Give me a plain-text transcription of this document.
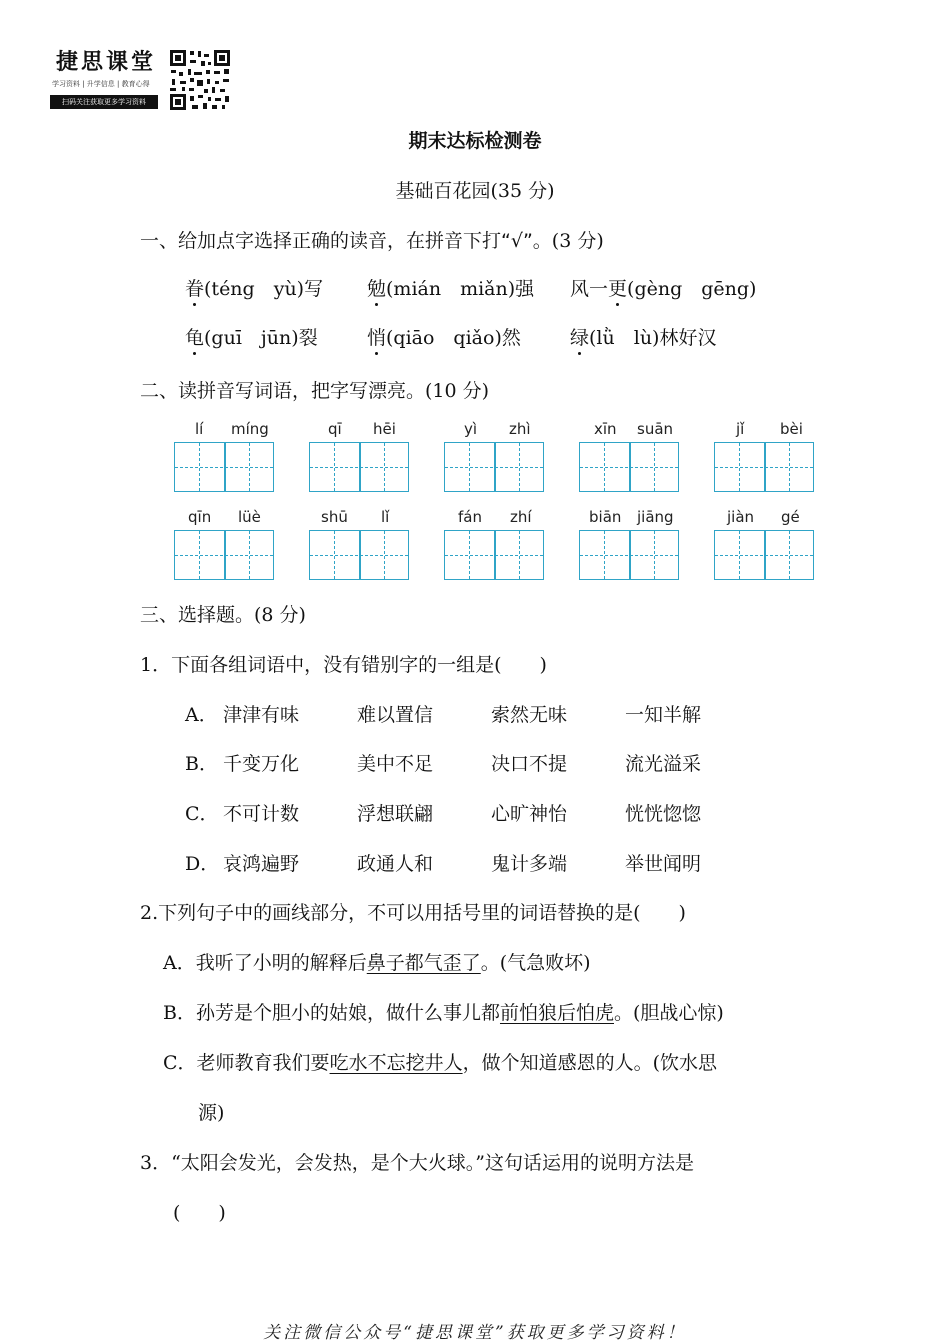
捷思课堂
学习资料 | 升学信息 | 教育心得
扫码关注获取更多学习资料
期末达标检测卷
基础百花园(35 分)
一、给加点字选择正确的读音，在拼音下打“√”。(3 分)
眷(téng　yù)写 勉(mián　miǎn)强 风一更(gèng　gēng)
龟(guī　jūn)裂	悄(qiāo　qiǎo)然	绿(lǜ　lù)林好汉
二、读拼音写词语，把字写漂亮。(10 分)
lí míng	qī hēi	yì zhì	xīn suān	jǐ bèi
qīn lüè	shū lǐ	fán zhí	biān jiāng	jiàn gé
三、选择题。(8 分)
1．下面各组词语中，没有错别字的一组是(　　)
A． 津津有味	难以置信	索然无味	一知半解
B． 千变万化	美中不足	决口不提	流光溢采
C． 不可计数	浮想联翩	心旷神怡	恍恍惚惚
D． 哀鸿遍野	政通人和	鬼计多端	举世闻明
2.下列句子中的画线部分，不可以用括号里的词语替换的是(　　)
A．我听了小明的解释后鼻子都气歪了。(气急败坏)
B．孙芳是个胆小的姑娘，做什么事儿都前怕狼后怕虎。(胆战心惊)
C．老师教育我们要吃水不忘挖井人，做个知道感恩的人。(饮水思
源)
3．“太阳会发光，会发热，是个大火球。”这句话运用的说明方法是
(　　)
关注微信公众号“捷思课堂”获取更多学习资料！
